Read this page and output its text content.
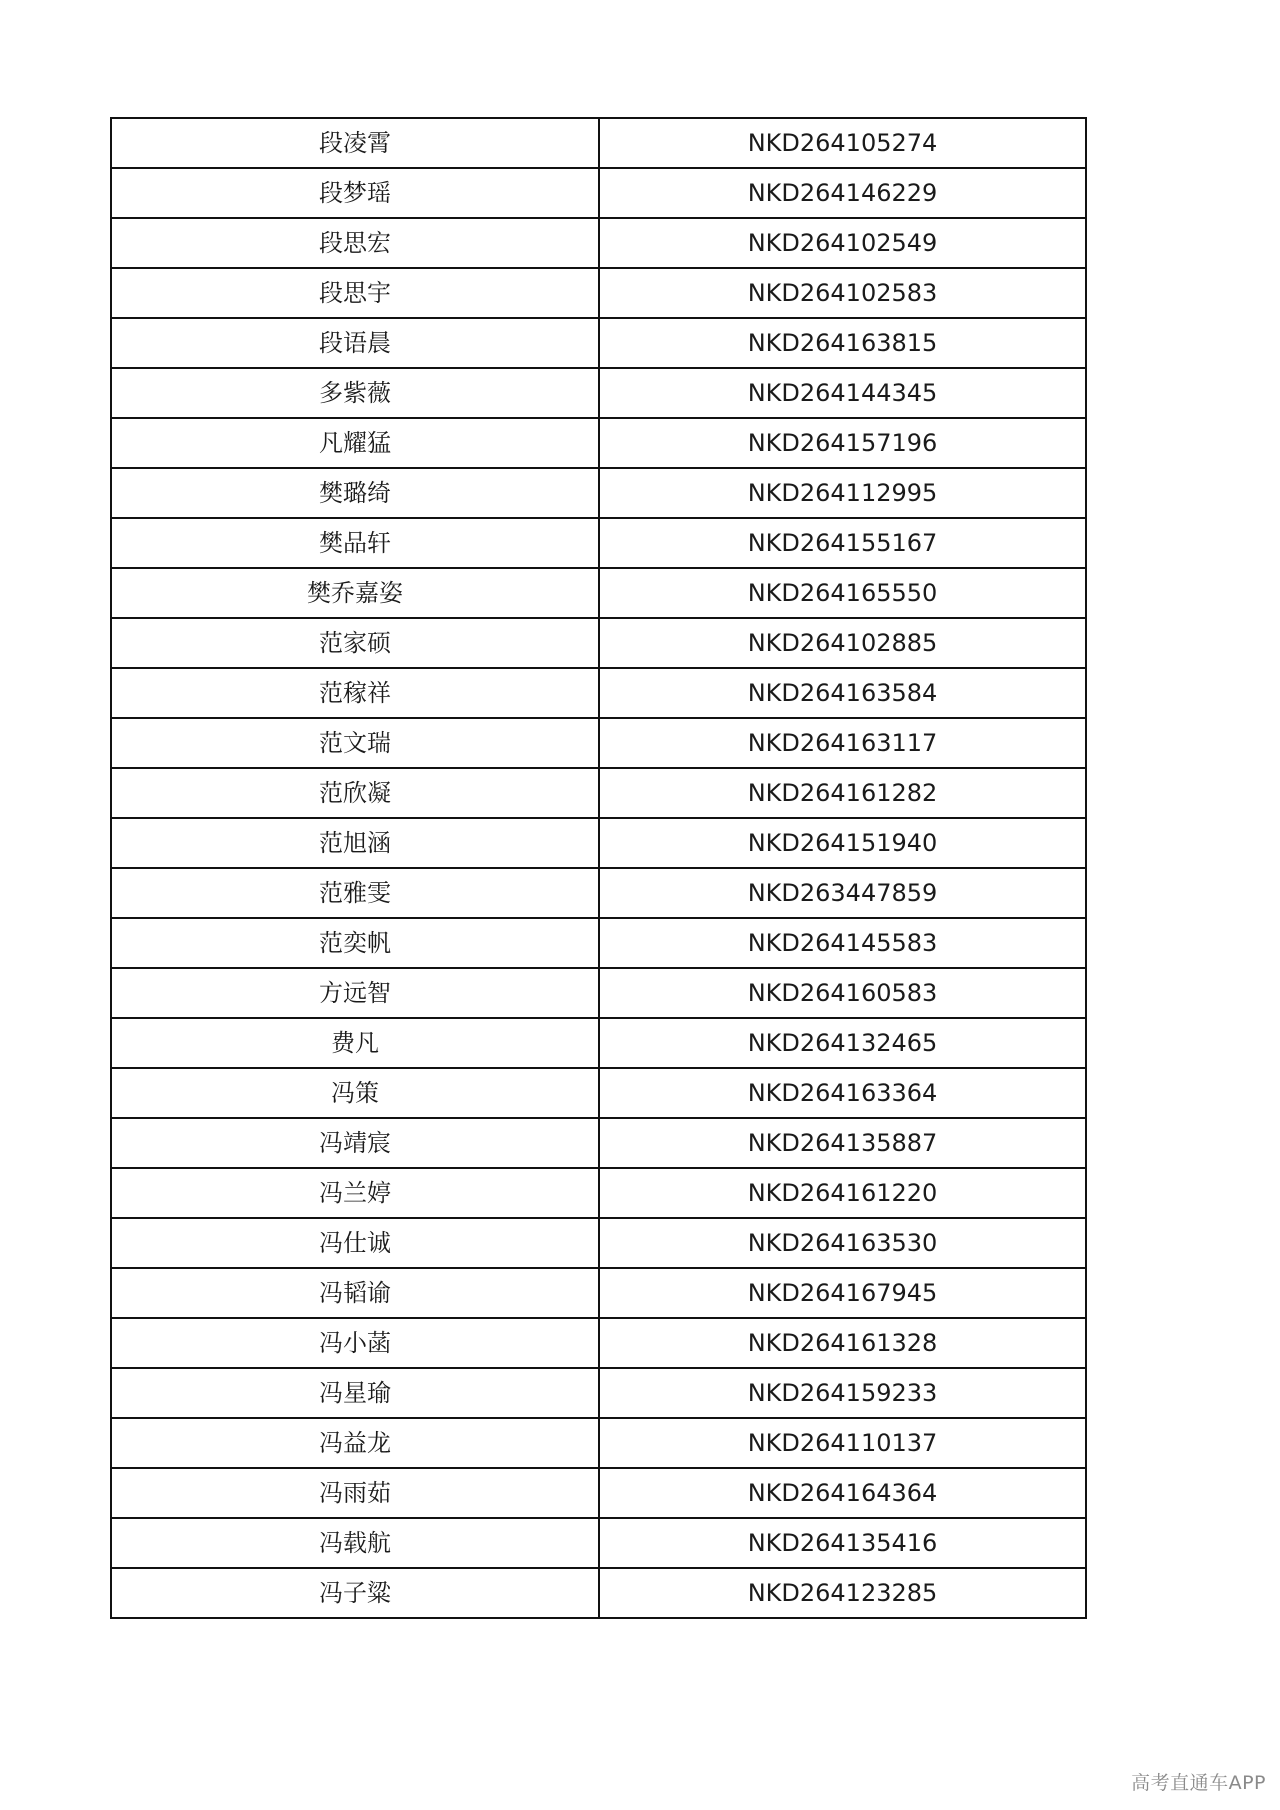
段凌霄	NKD264105274
段梦瑶	NKD264146229
段思宏	NKD264102549
段思宇	NKD264102583
段语晨	NKD264163815
多紫薇	NKD264144345
凡耀猛	NKD264157196
樊璐绮	NKD264112995
樊品轩	NKD264155167
樊乔嘉姿	NKD264165550
范家硕	NKD264102885
范稼祥	NKD264163584
范文瑞	NKD264163117
范欣凝	NKD264161282
范旭涵	NKD264151940
范雅雯	NKD263447859
范奕帆	NKD264145583
方远智	NKD264160583
费凡	NKD264132465
冯策	NKD264163364
冯靖宸	NKD264135887
冯兰婷	NKD264161220
冯仕诚	NKD264163530
冯韬谕	NKD264167945
冯小菡	NKD264161328
冯星瑜	NKD264159233
冯益龙	NKD264110137
冯雨茹	NKD264164364
冯载航	NKD264135416
冯子粱	NKD264123285
高考直通车APP
